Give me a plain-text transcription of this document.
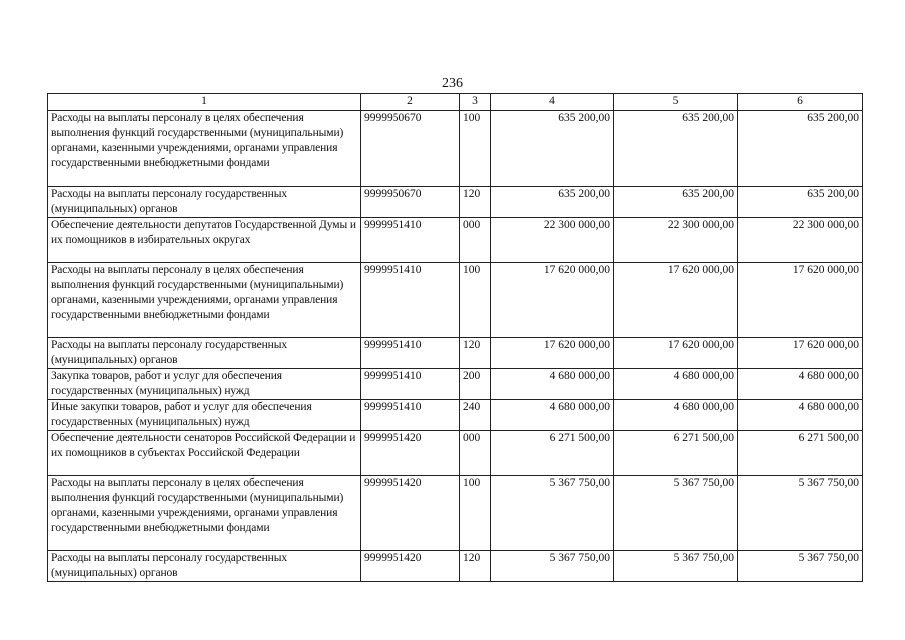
236
1	2	3	4	5	6
Расходы на выплаты персоналу в целях обеспечения выполнения функций государственными (муниципальными) органами, казенными учреждениями, органами управления государственными внебюджетными фондами	9999950670	100	635 200,00	635 200,00	635 200,00
Расходы на выплаты персоналу государственных (муниципальных) органов	9999950670	120	635 200,00	635 200,00	635 200,00
Обеспечение деятельности депутатов Государственной Думы и их помощников в избирательных округах	9999951410	000	22 300 000,00	22 300 000,00	22 300 000,00
Расходы на выплаты персоналу в целях обеспечения выполнения функций государственными (муниципальными) органами, казенными учреждениями, органами управления государственными внебюджетными фондами	9999951410	100	17 620 000,00	17 620 000,00	17 620 000,00
Расходы на выплаты персоналу государственных (муниципальных) органов	9999951410	120	17 620 000,00	17 620 000,00	17 620 000,00
Закупка товаров, работ и услуг для обеспечения государственных (муниципальных) нужд	9999951410	200	4 680 000,00	4 680 000,00	4 680 000,00
Иные закупки товаров, работ и услуг для обеспечения государственных (муниципальных) нужд	9999951410	240	4 680 000,00	4 680 000,00	4 680 000,00
Обеспечение деятельности сенаторов Российской Федерации и их помощников в субъектах Российской Федерации	9999951420	000	6 271 500,00	6 271 500,00	6 271 500,00
Расходы на выплаты персоналу в целях обеспечения выполнения функций государственными (муниципальными) органами, казенными учреждениями, органами управления государственными внебюджетными фондами	9999951420	100	5 367 750,00	5 367 750,00	5 367 750,00
Расходы на выплаты персоналу государственных (муниципальных) органов	9999951420	120	5 367 750,00	5 367 750,00	5 367 750,00
